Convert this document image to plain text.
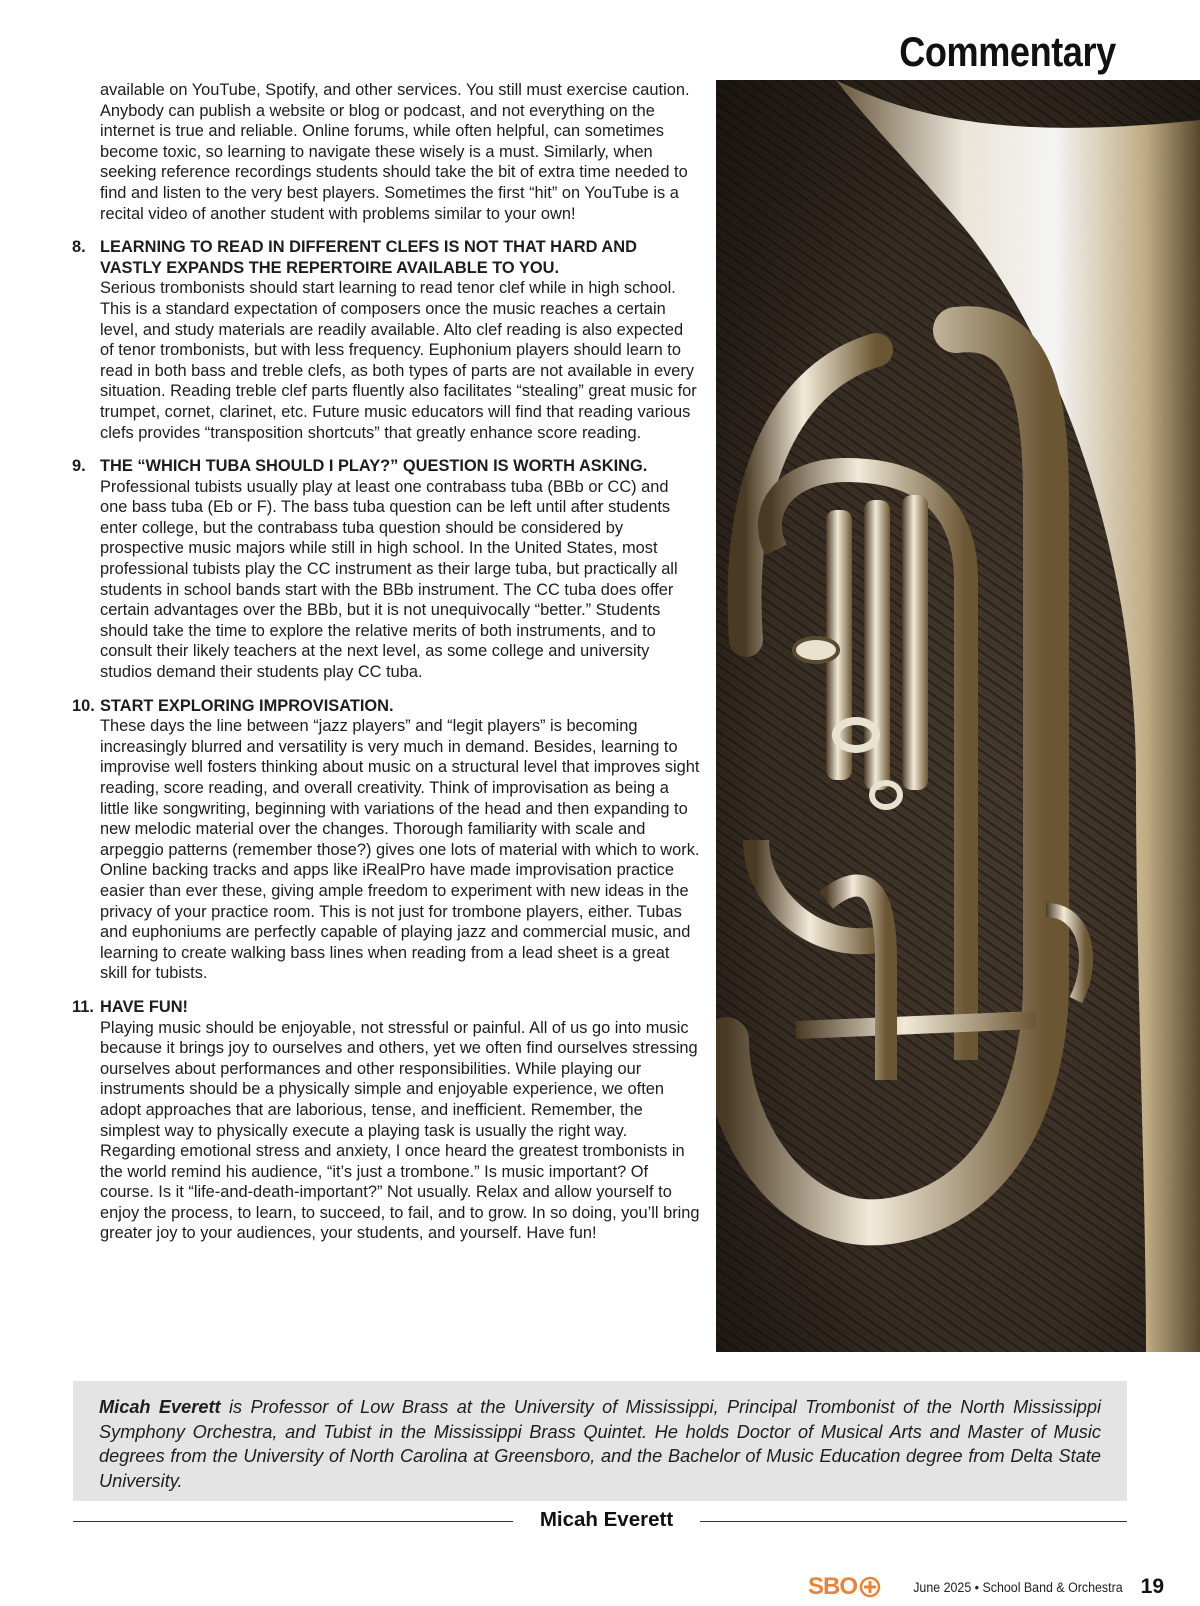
Commentary

available on YouTube, Spotify, and other services. You still must exercise caution. Anybody can publish a website or blog or podcast, and not everything on the internet is true and reliable. Online forums, while often helpful, can sometimes become toxic, so learning to navigate these wisely is a must. Similarly, when seeking reference recordings students should take the bit of extra time needed to find and listen to the very best players. Sometimes the first “hit” on YouTube is a recital video of another student with problems similar to your own!

8. LEARNING TO READ IN DIFFERENT CLEFS IS NOT THAT HARD AND VASTLY EXPANDS THE REPERTOIRE AVAILABLE TO YOU.
Serious trombonists should start learning to read tenor clef while in high school. This is a standard expectation of composers once the music reaches a certain level, and study materials are readily available. Alto clef reading is also expected of tenor trombonists, but with less frequency. Euphonium players should learn to read in both bass and treble clefs, as both types of parts are not available in every situation. Reading treble clef parts fluently also facilitates “stealing” great music for trumpet, cornet, clarinet, etc. Future music educators will find that reading various clefs provides “transposition shortcuts” that greatly enhance score reading.
9. THE “WHICH TUBA SHOULD I PLAY?” QUESTION IS WORTH ASKING.
Professional tubists usually play at least one contrabass tuba (BBb or CC) and one bass tuba (Eb or F). The bass tuba question can be left until after students enter college, but the contrabass tuba question should be considered by prospective music majors while still in high school. In the United States, most professional tubists play the CC instrument as their large tuba, but practically all students in school bands start with the BBb instrument. The CC tuba does offer certain advantages over the BBb, but it is not unequivocally “better.” Students should take the time to explore the relative merits of both instruments, and to consult their likely teachers at the next level, as some college and university studios demand their students play CC tuba.
10. START EXPLORING IMPROVISATION.
These days the line between “jazz players” and “legit players” is becoming increasingly blurred and versatility is very much in demand. Besides, learning to improvise well fosters thinking about music on a structural level that improves sight reading, score reading, and overall creativity. Think of improvisation as being a little like songwriting, beginning with variations of the head and then expanding to new melodic material over the changes. Thorough familiarity with scale and arpeggio patterns (remember those?) gives one lots of material with which to work. Online backing tracks and apps like iRealPro have made improvisation practice easier than ever these, giving ample freedom to experiment with new ideas in the privacy of your practice room. This is not just for trombone players, either. Tubas and euphoniums are perfectly capable of playing jazz and commercial music, and learning to create walking bass lines when reading from a lead sheet is a great skill for tubists.
11. HAVE FUN!
Playing music should be enjoyable, not stressful or painful. All of us go into music because it brings joy to ourselves and others, yet we often find ourselves stressing ourselves about performances and other responsibilities. While playing our instruments should be a physically simple and enjoyable experience, we often adopt approaches that are laborious, tense, and inefficient. Remember, the simplest way to physically execute a playing task is usually the right way. Regarding emotional stress and anxiety, I once heard the greatest trombonists in the world remind his audience, “it’s just a trombone.” Is music important? Of course. Is it “life-and-death-important?” Not usually. Relax and allow yourself to enjoy the process, to learn, to succeed, to fail, and to grow. In so doing, you’ll bring greater joy to your audiences, your students, and yourself. Have fun!
Micah Everett is Professor of Low Brass at the University of Mississippi, Principal Trombonist of the North Mississippi Symphony Orchestra, and Tubist in the Mississippi Brass Quintet. He holds Doctor of Musical Arts and Master of Music degrees from the University of North Carolina at Greensboro, and the Bachelor of Music Education degree from Delta State University.
Micah Everett
SBO	June 2025 • School Band & Orchestra 19
